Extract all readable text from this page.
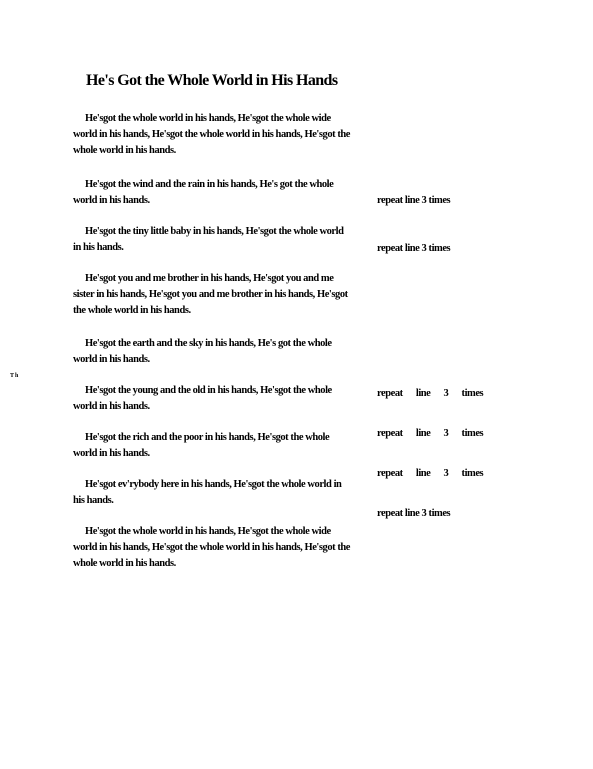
He's Got the Whole World in His Hands
Th

He'sgot the whole world in his hands, He'sgot the whole wide world in his hands, He'sgot the whole world in his hands, He'sgot the whole world in his hands.

He'sgot the wind and the rain in his hands, He's got the whole world in his hands.

He'sgot the tiny little baby in his hands, He'sgot the whole world in his hands.

He'sgot you and me brother in his hands, He'sgot you and me sister in his hands, He'sgot you and me brother in his hands, He'sgot the whole world in his hands.

He'sgot the earth and the sky in his hands, He's got the whole world in his hands.

He'sgot the young and the old in his hands, He'sgot the whole world in his hands.

He'sgot the rich and the poor in his hands, He'sgot the whole world in his hands.

He'sgot ev'rybody here in his hands, He'sgot the whole world in his hands.

He'sgot the whole world in his hands, He'sgot the whole wide world in his hands, He'sgot the whole world in his hands, He'sgot the whole world in his hands.

repeat line 3 times
repeat line 3 times
repeat line 3 times
repeat line 3 times
repeat line 3 times
repeat line 3 times
